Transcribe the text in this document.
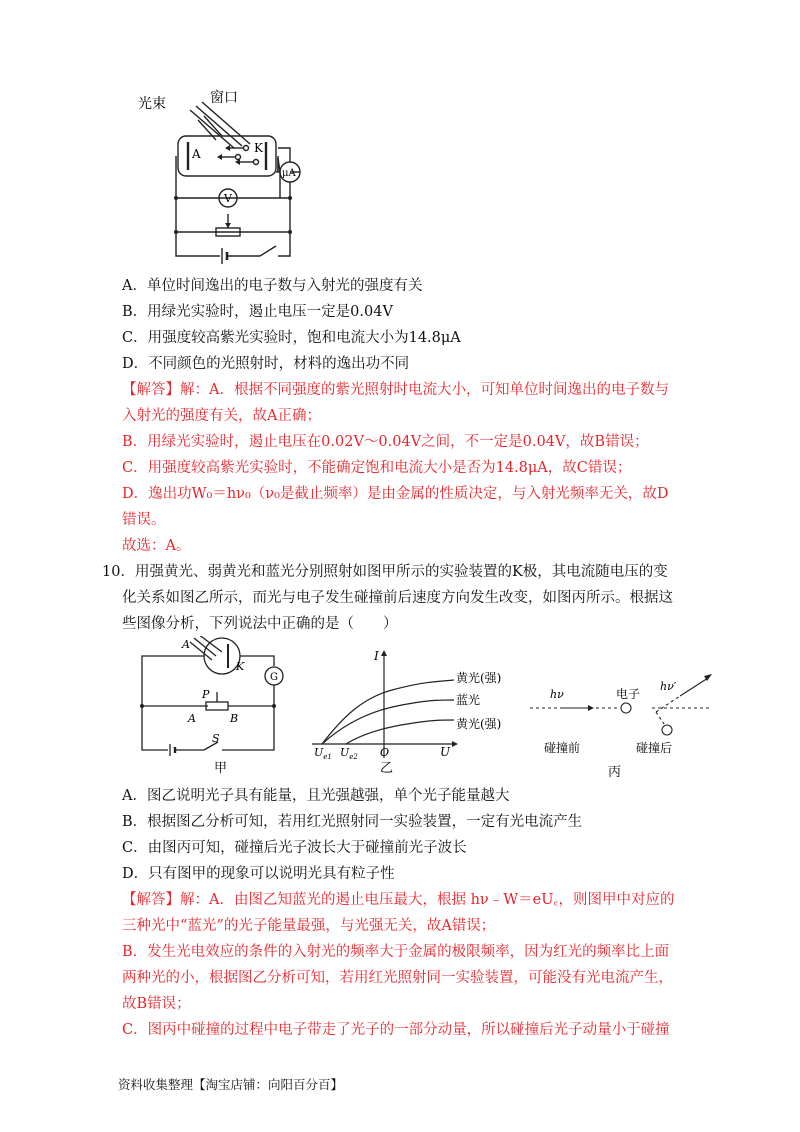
光束	窗口
A	K
V
μA
A．单位时间逸出的电子数与入射光的强度有关
B．用绿光实验时，遏止电压一定是0.04V
C．用强度较高紫光实验时，饱和电流大小为14.8μA
D．不同颜色的光照射时，材料的逸出功不同
【解答】解：A．根据不同强度的紫光照射时电流大小，可知单位时间逸出的电子数与
入射光的强度有关，故A正确；
B．用绿光实验时，遏止电压在0.02V～0.04V之间，不一定是0.04V，故B错误；
C．用强度较高紫光实验时，不能确定饱和电流大小是否为14.8μA，故C错误；
D．逸出功W₀＝hν₀（ν₀是截止频率）是由金属的性质决定，与入射光频率无关，故D
错误。
故选：A。
10．用强黄光、弱黄光和蓝光分别照射如图甲所示的实验装置的K极，其电流随电压的变
化关系如图乙所示，而光与电子发生碰撞前后速度方向发生改变，如图丙所示。根据这
些图像分析，下列说法中正确的是（　　）
A
K
G
P
A	B
S
甲
I
U
O
$U_{e1}$ $U_{e2}$
黄光(强)
蓝光
黄光(强)
乙
hν
hν′
电子
碰撞前	碰撞后
丙
A．图乙说明光子具有能量，且光强越强，单个光子能量越大
B．根据图乙分析可知，若用红光照射同一实验装置，一定有光电流产生
C．由图丙可知，碰撞后光子波长大于碰撞前光子波长
D．只有图甲的现象可以说明光具有粒子性
【解答】解：A．由图乙知蓝光的遏止电压最大，根据 hν﹣W＝eU꜀，则图甲中对应的
三种光中“蓝光”的光子能量最强，与光强无关，故A错误；
B．发生光电效应的条件的入射光的频率大于金属的极限频率，因为红光的频率比上面
两种光的小，根据图乙分析可知，若用红光照射同一实验装置，可能没有光电流产生，
故B错误；
C．图丙中碰撞的过程中电子带走了光子的一部分动量，所以碰撞后光子动量小于碰撞
资料收集整理【淘宝店铺：向阳百分百】
